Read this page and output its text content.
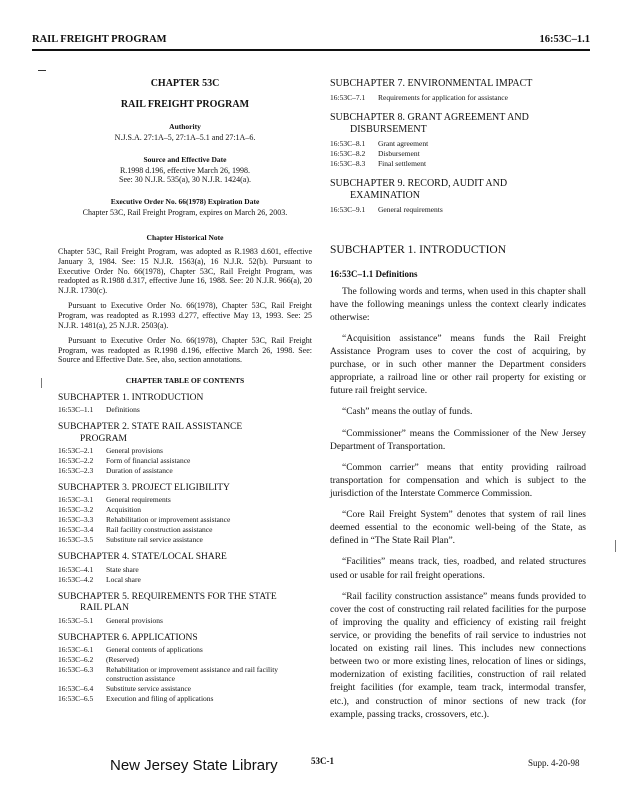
RAIL FREIGHT PROGRAM	16:53C–1.1

CHAPTER 53C

RAIL FREIGHT PROGRAM

Authority

N.J.S.A. 27:1A–5, 27:1A–5.1 and 27:1A–6.

Source and Effective Date

R.1998 d.196, effective March 26, 1998.

See: 30 N.J.R. 535(a), 30 N.J.R. 1424(a).

Executive Order No. 66(1978) Expiration Date

Chapter 53C, Rail Freight Program, expires on March 26, 2003.

Chapter Historical Note

Chapter 53C, Rail Freight Program, was adopted as R.1983 d.601, effective January 3, 1984. See: 15 N.J.R. 1563(a), 16 N.J.R. 52(b). Pursuant to Executive Order No. 66(1978), Chapter 53C, Rail Freight Program, was readopted as R.1988 d.317, effective June 16, 1988. See: 20 N.J.R. 966(a), 20 N.J.R. 1730(c).

Pursuant to Executive Order No. 66(1978), Chapter 53C, Rail Freight Program, was readopted as R.1993 d.277, effective May 13, 1993. See: 25 N.J.R. 1481(a), 25 N.J.R. 2503(a).

Pursuant to Executive Order No. 66(1978), Chapter 53C, Rail Freight Program, was readopted as R.1998 d.196, effective March 26, 1998. See: Source and Effective Date. See, also, section annotations.

CHAPTER TABLE OF CONTENTS

SUBCHAPTER 1. INTRODUCTION

16:53C–1.1	Definitions

SUBCHAPTER 2. STATE RAIL ASSISTANCE
PROGRAM

16:53C–2.1	General provisions
16:53C–2.2	Form of financial assistance
16:53C–2.3	Duration of assistance

SUBCHAPTER 3. PROJECT ELIGIBILITY

16:53C–3.1	General requirements
16:53C–3.2	Acquisition
16:53C–3.3	Rehabilitation or improvement assistance
16:53C–3.4	Rail facility construction assistance
16:53C–3.5	Substitute rail service assistance

SUBCHAPTER 4. STATE/LOCAL SHARE

16:53C–4.1	State share
16:53C–4.2	Local share

SUBCHAPTER 5. REQUIREMENTS FOR THE STATE
RAIL PLAN

16:53C–5.1	General provisions

SUBCHAPTER 6. APPLICATIONS

16:53C–6.1	General contents of applications
16:53C–6.2	(Reserved)
16:53C–6.3	Rehabilitation or improvement assistance and rail facility construction assistance
16:53C–6.4	Substitute service assistance
16:53C–6.5	Execution and filing of applications

SUBCHAPTER 7. ENVIRONMENTAL IMPACT

16:53C–7.1	Requirements for application for assistance

SUBCHAPTER 8. GRANT AGREEMENT AND
DISBURSEMENT

16:53C–8.1	Grant agreement
16:53C–8.2	Disbursement
16:53C–8.3	Final settlement

SUBCHAPTER 9. RECORD, AUDIT AND
EXAMINATION

16:53C–9.1	General requirements

SUBCHAPTER 1. INTRODUCTION

16:53C–1.1 Definitions

The following words and terms, when used in this chapter shall have the following meanings unless the context clearly indicates otherwise:

“Acquisition assistance” means funds the Rail Freight Assistance Program uses to cover the cost of acquiring, by purchase, or in such other manner the Department considers appropriate, a railroad line or other rail property for existing or future rail freight service.

“Cash” means the outlay of funds.

“Commissioner” means the Commissioner of the New Jersey Department of Transportation.

“Common carrier” means that entity providing railroad transportation for compensation and which is subject to the jurisdiction of the Interstate Commerce Commission.

“Core Rail Freight System” denotes that system of rail lines deemed essential to the economic well-being of the State, as defined in “The State Rail Plan”.

“Facilities” means track, ties, roadbed, and related structures used or usable for rail freight operations.

“Rail facility construction assistance” means funds provided to cover the cost of constructing rail related facilities for the purpose of improving the quality and efficiency of existing rail freight service, or providing the benefits of rail service to industries not located on existing rail lines. This includes new connections between two or more existing lines, relocation of lines or sidings, modernization of existing facilities, construction of rail related freight facilities (for example, team track, intermodal transfer, etc.), and construction of minor sections of new track (for example, passing tracks, crossovers, etc.).

New Jersey State Library	53C-1	Supp. 4-20-98
